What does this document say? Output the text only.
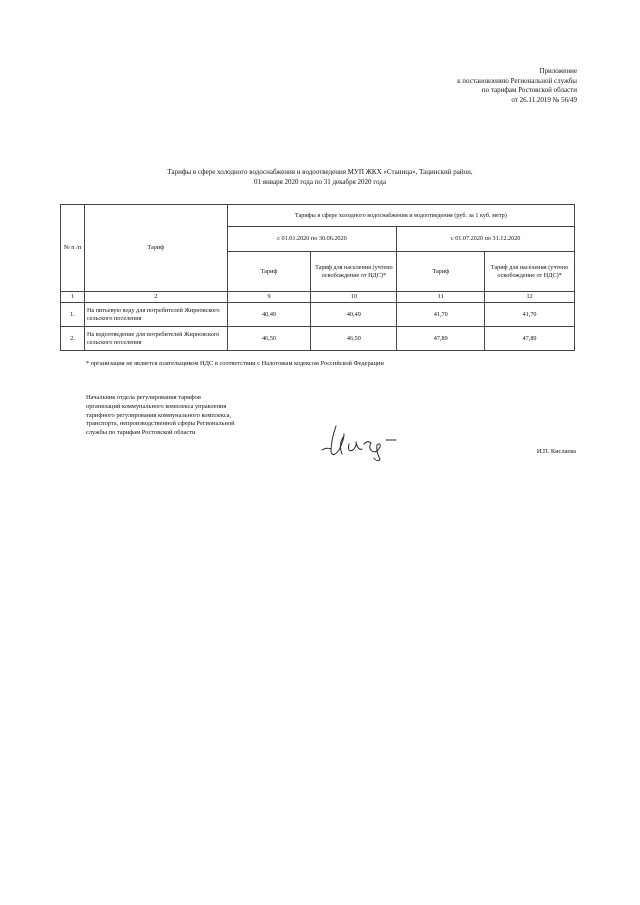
Приложение
к постановлению Региональной службы
по тарифам Ростовской области
от 26.11.2019 № 56/49
Тарифы в сфере холодного водоснабжения и водоотведения МУП ЖКХ «Станица», Тацинский район,
01 января 2020 года по 31 декабря 2020 года
№ п /п	Тариф	Тарифы в сфере холодного водоснабжения и водоотведения (руб. за 1 куб. метр)			
		с 01.01.2020 по 30.06.2020		с 01.07.2020 по 31.12.2020	
		Тариф	Тариф для населения (учтено освобождение от НДС)*	Тариф	Тариф для населения (учтено освобождение от НДС)*
1	2	9	10	11	12
1.	На питьевую воду для потребителей Жирновского сельского поселения	40,49	40,49	41,70	41,70
2.	На водоотведение для потребителей Жирновского сельского поселения	46,50	46,50	47,89	47,89
* организация не является плательщиком НДС в соответствии с Налоговым кодексом Российской Федерации
Начальник отдела регулирования тарифов организаций коммунального комплекса управления тарифного регулирования коммунального комплекса, транспорта, непроизводственной сферы Региональной службы по тарифам Ростовской области
И.П. Кислаева
